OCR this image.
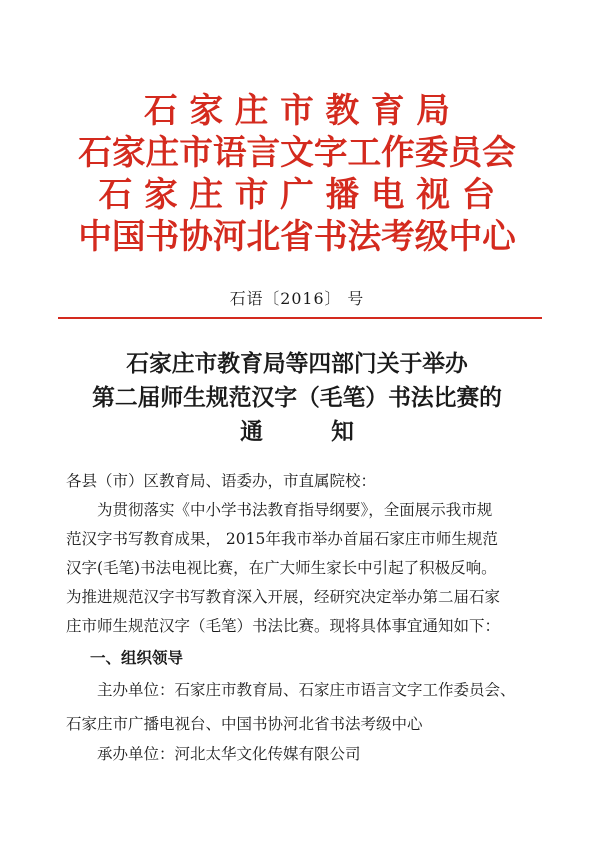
石 家 庄 市 教 育 局
石家庄市语言文字工作委员会
石 家 庄 市 广 播 电 视 台
中国书协河北省书法考级中心
石语〔2016〕 号
石家庄市教育局等四部门关于举办
第二届师生规范汉字（毛笔）书法比赛的
通　　　知
各县（市）区教育局、语委办，市直属院校：
为贯彻落实《中小学书法教育指导纲要》，全面展示我市规
范汉字书写教育成果， 2015年我市举办首届石家庄市师生规范
汉字(毛笔)书法电视比赛，在广大师生家长中引起了积极反响。
为推进规范汉字书写教育深入开展，经研究决定举办第二届石家
庄市师生规范汉字（毛笔）书法比赛。现将具体事宜通知如下：
一、组织领导
主办单位：石家庄市教育局、石家庄市语言文字工作委员会、
石家庄市广播电视台、中国书协河北省书法考级中心
承办单位：河北太华文化传媒有限公司
